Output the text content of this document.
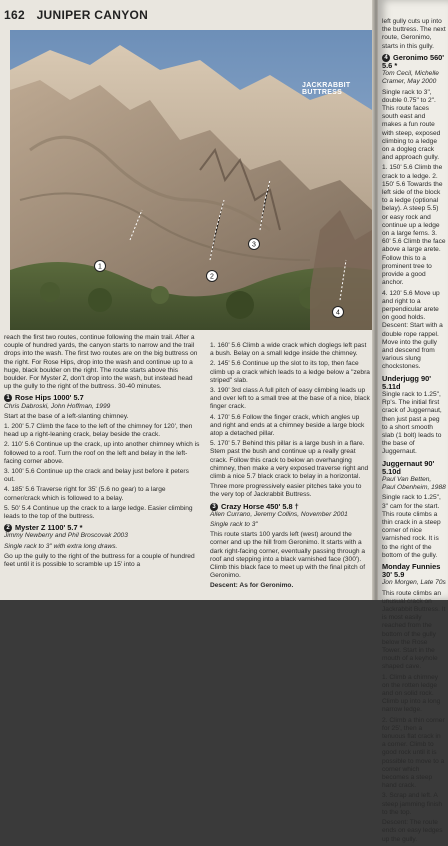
162 JUNIPER CANYON
1
2
3
4
JACKRABBIT BUTTRESS

reach the first two routes, continue following the main trail. After a couple of hundred yards, the canyon starts to narrow and the trail drops into the wash. The first two routes are on the big buttress on the right. For Rose Hips, drop into the wash and continue up to a huge, black boulder on the right. The route starts above this boulder. For Myster Z, don't drop into the wash, but instead head up the gully to the right of the buttress. 30-40 minutes.

1 Rose Hips 1000' 5.7

Chris Dabroski, John Hoffman, 1999

Start at the base of a left-slanting chimney.

1. 200' 5.7 Climb the face to the left of the chimney for 120', then head up a right-leaning crack, belay beside the crack.

2. 110' 5.6 Continue up the crack, up into another chimney which is followed to a roof. Turn the roof on the left and belay in the left-facing corner above.

3. 100' 5.6 Continue up the crack and belay just before it peters out.

4. 185' 5.6 Traverse right for 35' (5.6 no gear) to a large corner/crack which is followed to a belay.

5. 50' 5.4 Continue up the crack to a large ledge. Easier climbing leads to the top of the buttress.

2 Myster Z 1100' 5.7 *

Jimmy Newberry and Phil Broscovak 2003

Single rack to 3" with extra long draws.

Go up the gully to the right of the buttress for a couple of hundred feet until it is possible to scramble up 15' into a

1. 160' 5.6 Climb a wide crack which doglegs left past a bush. Belay on a small ledge inside the chimney.

2. 145' 5.6 Continue up the slot to its top, then face climb up a crack which leads to a ledge below a "zebra striped" slab.

3. 190' 3rd class A full pitch of easy climbing leads up and over left to a small tree at the base of a nice, black finger crack.

4. 170' 5.6 Follow the finger crack, which angles up and right and ends at a chimney beside a large block atop a detached pillar.

5. 170' 5.7 Behind this pillar is a large bush in a flare. Stem past the bush and continue up a really great crack. Follow this crack to below an overhanging chimney, then make a very exposed traverse right and climb a nice 5.7 black crack to belay in a horizontal.

Three more progressively easier pitches take you to the very top of Jackrabbit Buttress.

3 Crazy Horse 450' 5.8 †

Allen Currano, Jeremy Collins, November 2001

Single rack to 3"

This route starts 100 yards left (west) around the corner and up the hill from Geronimo. It starts with a dark right-facing corner, eventually passing through a roof and stepping into a black varnished face (300'). Climb this black face to meet up with the final pitch of Geronimo.

Descent: As for Geronimo.

left gully cuts up into the buttress. The next route, Geronimo, starts in this gully.

4 Geronimo 560' 5.6 *

Tom Cecil, Michelle Cramer, May 2000

Single rack to 3", double 0.75" to 2". This route faces south east and makes a fun route with steep, exposed climbing to a ledge on a dogleg crack and approach gully.

1. 150' 5.6 Climb the crack to a ledge. 2. 150' 5.6 Towards the left side of the block to a ledge (optional belay). A steep 5.5) or easy rock and continue up a ledge on a large ferns. 3. 60' 5.6 Climb the face above a large arete. Follow this to a prominent tree to provide a good anchor.

4. 120' 5.6 Move up and right to a perpendicular arete on good holds. Descent: Start with a double rope rappel. Move into the gully and descend from various slung chockstones.

Underjugg 90' 5.11d

Single rack to 1.25", Rp's. The initial first crack of Juggernaut, then just past a peg to a short smooth slab (1 bolt) leads to the base of Juggernaut.

Juggernaut 90' 5.10d

Paul Van Betten, Paul Obenheim, 1988

Single rack to 1.25", 3" cam for the start. This route climbs a thin crack in a steep corner of nice varnished rock. It is to the right of the bottom of the gully.

Monday Funnies 30' 5.9

Jon Morgen, Late 70s

This route climbs an unusual crack on Jackrabbit Buttress. It is most easily reached from the bottom of the gully below the Rose Tower. Start in the mouth of a keyhole shaped cave.

1. Climb a chimney on the rotten ledge and on solid rock. Climb up into a long narrow ledge.

2. Climb a thin corner for 25', then a tenuous flat crack in a corner. Climb to good rock until it is possible to move to a corner which becomes a steep hand crack.

3. Scrap and left. A steep jamming finish to the top.

Descent: The route ends on easy ledges up the gully.
